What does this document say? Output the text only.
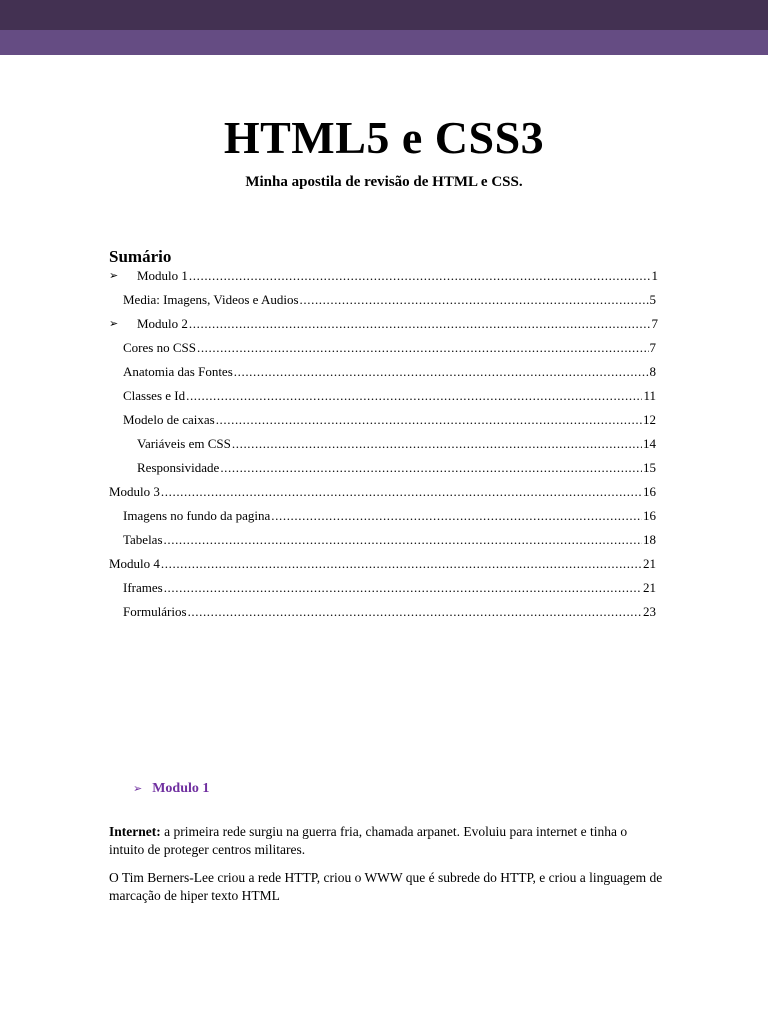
HTML5 e CSS3
Minha apostila de revisão de HTML e CSS.
Sumário
➢ Modulo 1 .....	1
Media: Imagens, Videos e Audios .....	5
➢ Modulo 2 .....	7
Cores no CSS .....	7
Anatomia das Fontes .....	8
Classes e Id .....	11
Modelo de caixas .....	12
Variáveis em CSS .....	14
Responsividade .....	15
Modulo 3 .....	16
Imagens no fundo da pagina .....	16
Tabelas .....	18
Modulo 4 .....	21
Iframes .....	21
Formulários .....	23
➢ Modulo 1
Internet: a primeira rede surgiu na guerra fria, chamada arpanet. Evoluiu para internet e tinha o intuito de proteger centros militares.
O Tim Berners-Lee criou a rede HTTP, criou o WWW que é subrede do HTTP, e criou a linguagem de marcação de hiper texto HTML
